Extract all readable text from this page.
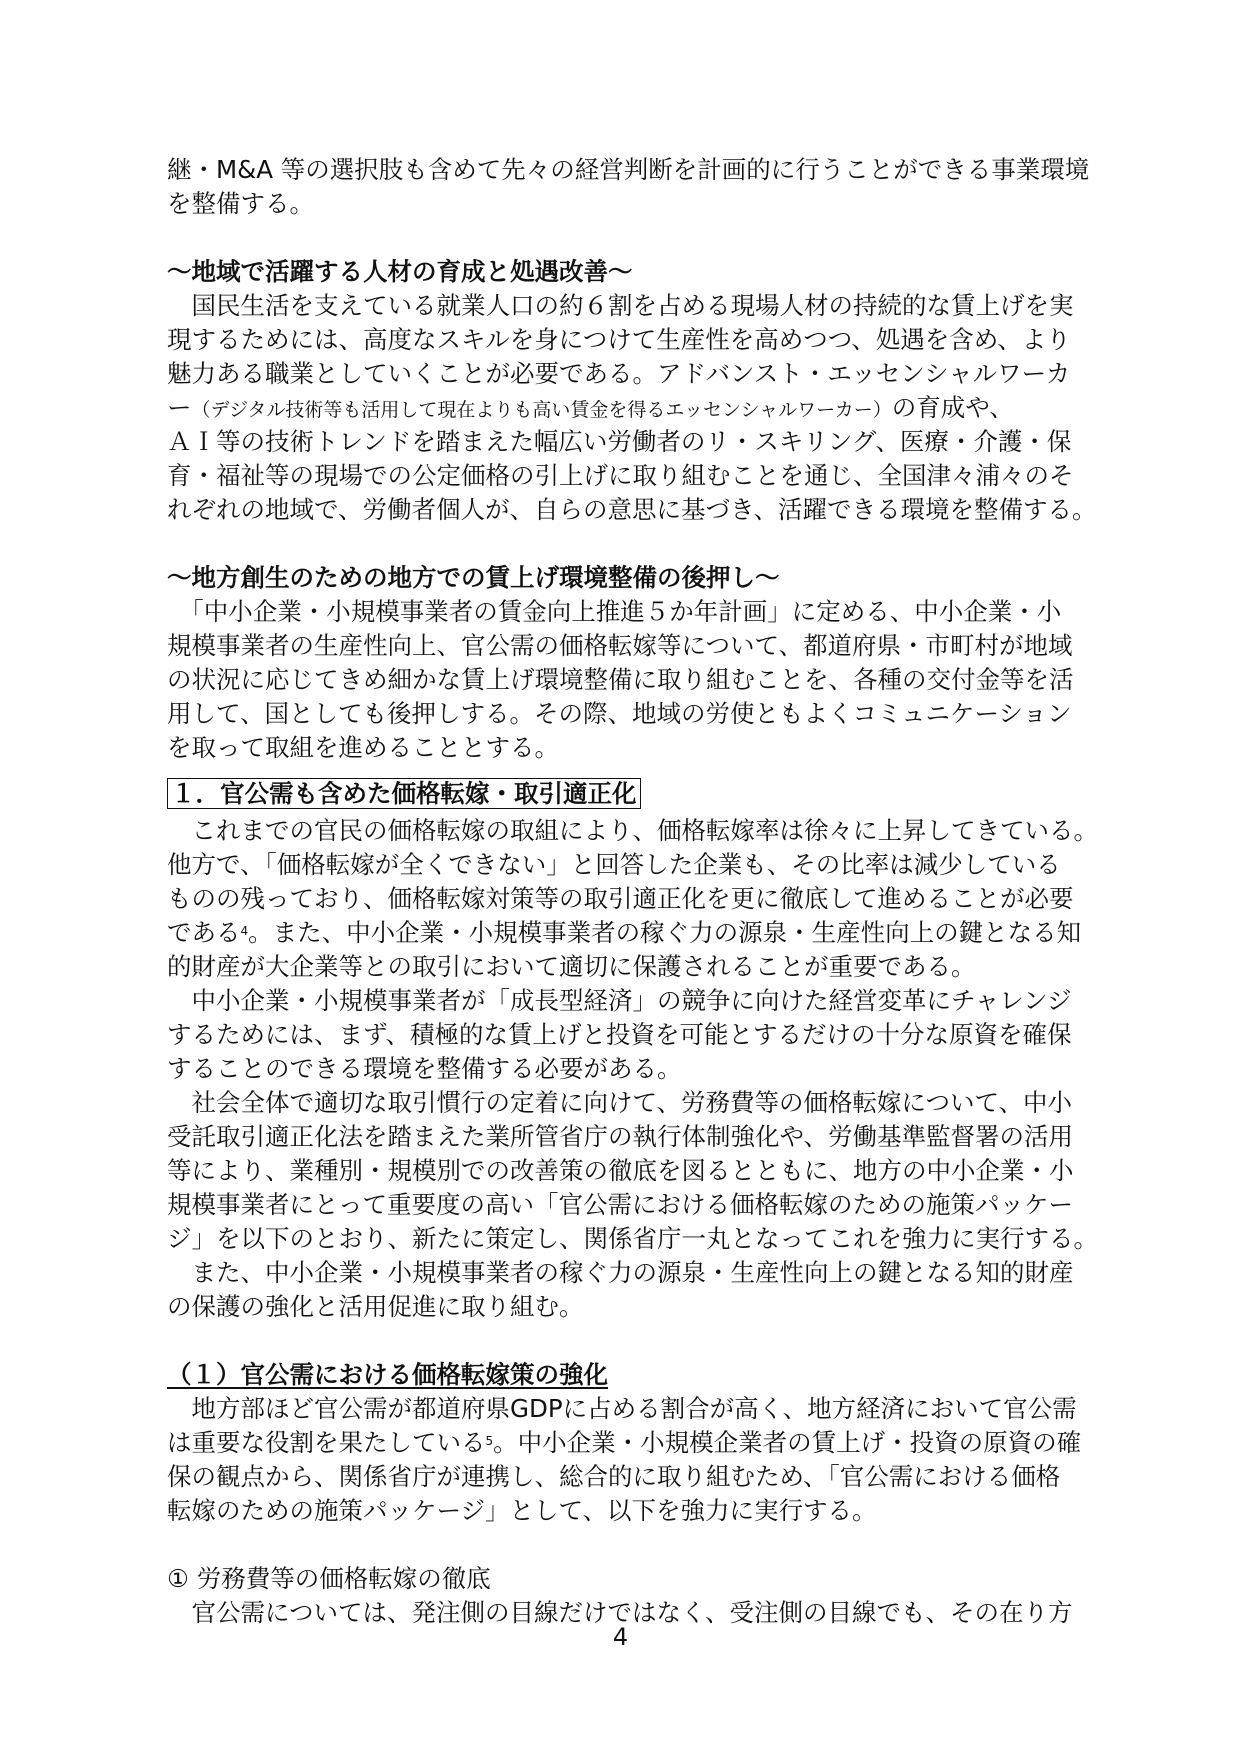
継・M&A 等の選択肢も含めて先々の経営判断を計画的に行うことができる事業環境
を整備する。
～地域で活躍する人材の育成と処遇改善～
　国民生活を支えている就業人口の約６割を占める現場人材の持続的な賃上げを実
現するためには、高度なスキルを身につけて生産性を高めつつ、処遇を含め、より
魅力ある職業としていくことが必要である。アドバンスト・エッセンシャルワーカ
ー（デジタル技術等も活用して現在よりも高い賃金を得るエッセンシャルワーカー）の育成や、
ＡＩ等の技術トレンドを踏まえた幅広い労働者のリ・スキリング、医療・介護・保
育・福祉等の現場での公定価格の引上げに取り組むことを通じ、全国津々浦々のそ
れぞれの地域で、労働者個人が、自らの意思に基づき、活躍できる環境を整備する。
～地方創生のための地方での賃上げ環境整備の後押し～
　「中小企業・小規模事業者の賃金向上推進５か年計画」に定める、中小企業・小
規模事業者の生産性向上、官公需の価格転嫁等について、都道府県・市町村が地域
の状況に応じてきめ細かな賃上げ環境整備に取り組むことを、各種の交付金等を活
用して、国としても後押しする。その際、地域の労使ともよくコミュニケーション
を取って取組を進めることとする。
１．官公需も含めた価格転嫁・取引適正化
　これまでの官民の価格転嫁の取組により、価格転嫁率は徐々に上昇してきている。
他方で、「価格転嫁が全くできない」と回答した企業も、その比率は減少している
ものの残っており、価格転嫁対策等の取引適正化を更に徹底して進めることが必要
である$^4$。また、中小企業・小規模事業者の稼ぐ力の源泉・生産性向上の鍵となる知
的財産が大企業等との取引において適切に保護されることが重要である。
　中小企業・小規模事業者が「成長型経済」の競争に向けた経営変革にチャレンジ
するためには、まず、積極的な賃上げと投資を可能とするだけの十分な原資を確保
することのできる環境を整備する必要がある。
　社会全体で適切な取引慣行の定着に向けて、労務費等の価格転嫁について、中小
受託取引適正化法を踏まえた業所管省庁の執行体制強化や、労働基準監督署の活用
等により、業種別・規模別での改善策の徹底を図るとともに、地方の中小企業・小
規模事業者にとって重要度の高い「官公需における価格転嫁のための施策パッケー
ジ」を以下のとおり、新たに策定し、関係省庁一丸となってこれを強力に実行する。
　また、中小企業・小規模事業者の稼ぐ力の源泉・生産性向上の鍵となる知的財産
の保護の強化と活用促進に取り組む。
（１）官公需における価格転嫁策の強化
　地方部ほど官公需が都道府県GDPに占める割合が高く、地方経済において官公需
は重要な役割を果たしている$^5$。中小企業・小規模企業者の賃上げ・投資の原資の確
保の観点から、関係省庁が連携し、総合的に取り組むため、「官公需における価格
転嫁のための施策パッケージ」として、以下を強力に実行する。
① 労務費等の価格転嫁の徹底
　官公需については、発注側の目線だけではなく、受注側の目線でも、その在り方
4
